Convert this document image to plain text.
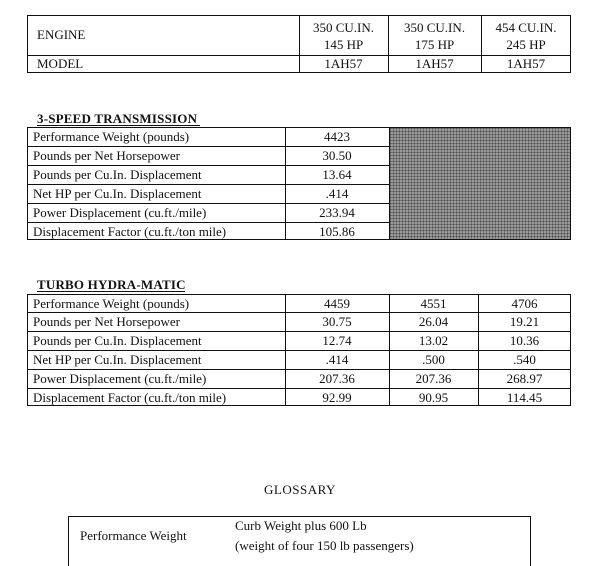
ENGINE
MODEL
350 CU.IN.
145 HP
1AH57
350 CU.IN.
175 HP
1AH57
454 CU.IN.
245 HP
1AH57
3-SPEED TRANSMISSION
Performance Weight (pounds)
Pounds per Net Horsepower
Pounds per Cu.In. Displacement
Net HP per Cu.In. Displacement
Power Displacement (cu.ft./mile)
Displacement Factor (cu.ft./ton mile)
4423
30.50
13.64
.414
233.94
105.86
TURBO HYDRA-MATIC
Performance Weight (pounds)
Pounds per Net Horsepower
Pounds per Cu.In. Displacement
Net HP per Cu.In. Displacement
Power Displacement (cu.ft./mile)
Displacement Factor (cu.ft./ton mile)
4459
30.75
12.74
.414
207.36
92.99
4551
26.04
13.02
.500
207.36
90.95
4706
19.21
10.36
.540
268.97
114.45
GLOSSARY
Performance Weight
Curb Weight plus 600 Lb
(weight of four 150 lb passengers)
